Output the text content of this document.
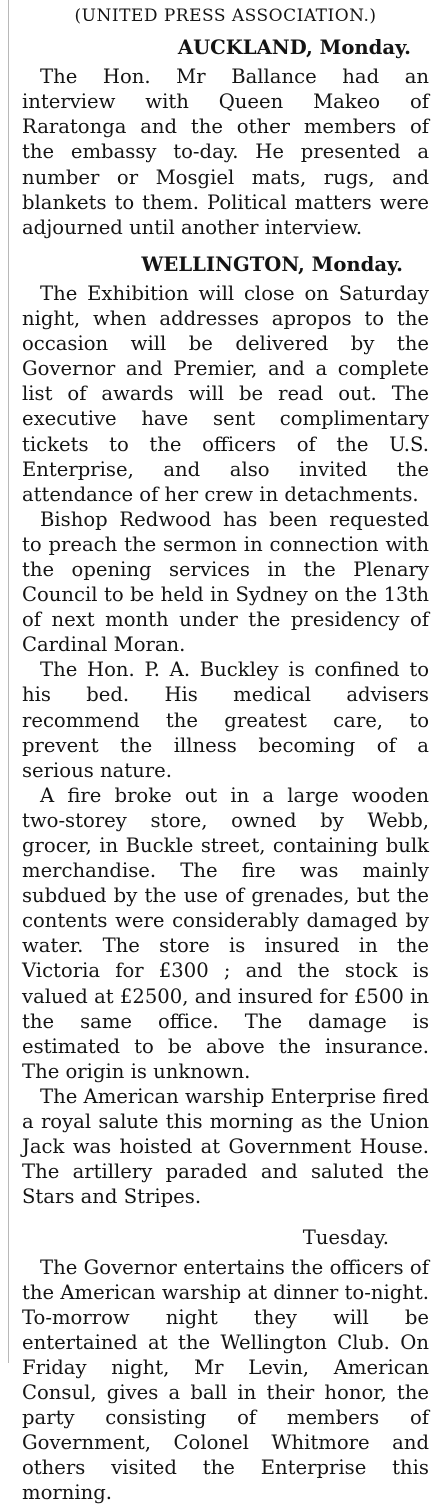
(UNITED PRESS ASSOCIATION.)
AUCKLAND, Monday.

The Hon. Mr Ballance had an interview with Queen Makeo of Raratonga and the other members of the embassy to-day. He presented a number or Mosgiel mats, rugs, and blankets to them. Political matters were adjourned until another interview.

WELLINGTON, Monday.

The Exhibition will close on Saturday night, when addresses apropos to the occasion will be delivered by the Governor and Premier, and a complete list of awards will be read out. The executive have sent complimentary tickets to the officers of the U.S. Enterprise, and also invited the attendance of her crew in detachments.

Bishop Redwood has been requested to preach the sermon in connection with the opening services in the Plenary Council to be held in Sydney on the 13th of next month under the presidency of Cardinal Moran.

The Hon. P. A. Buckley is confined to his bed. His medical advisers recommend the greatest care, to prevent the illness becoming of a serious nature.

A fire broke out in a large wooden two-storey store, owned by Webb, grocer, in Buckle street, containing bulk merchandise. The fire was mainly subdued by the use of grenades, but the contents were considerably damaged by water. The store is insured in the Victoria for £300 ; and the stock is valued at £2500, and insured for £500 in the same office. The damage is estimated to be above the insurance. The origin is unknown.

The American warship Enterprise fired a royal salute this morning as the Union Jack was hoisted at Government House. The artillery paraded and saluted the Stars and Stripes.

Tuesday.

The Governor entertains the officers of the American warship at dinner to-night. To-morrow night they will be entertained at the Wellington Club. On Friday night, Mr Levin, American Consul, gives a ball in their honor, the party consisting of members of Government, Colonel Whitmore and others visited the Enterprise this morning.
